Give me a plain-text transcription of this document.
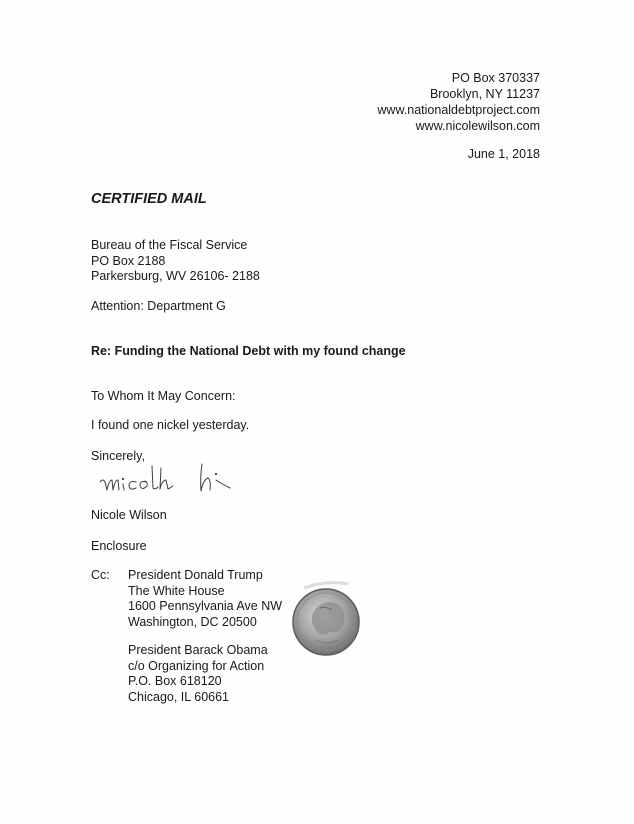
PO Box 370337
Brooklyn, NY 11237
www.nationaldebtproject.com
www.nicolewilson.com
June 1, 2018
CERTIFIED MAIL
Bureau of the Fiscal Service
PO Box 2188
Parkersburg, WV 26106- 2188
Attention: Department G
Re: Funding the National Debt with my found change
To Whom It May Concern:
I found one nickel yesterday.
Sincerely,
Nicole Wilson
Enclosure
Cc: President Donald Trump
The White House
1600 Pennsylvania Ave NW
Washington, DC 20500
President Barack Obama
c/o Organizing for Action
P.O. Box 618120
Chicago, IL 60661
